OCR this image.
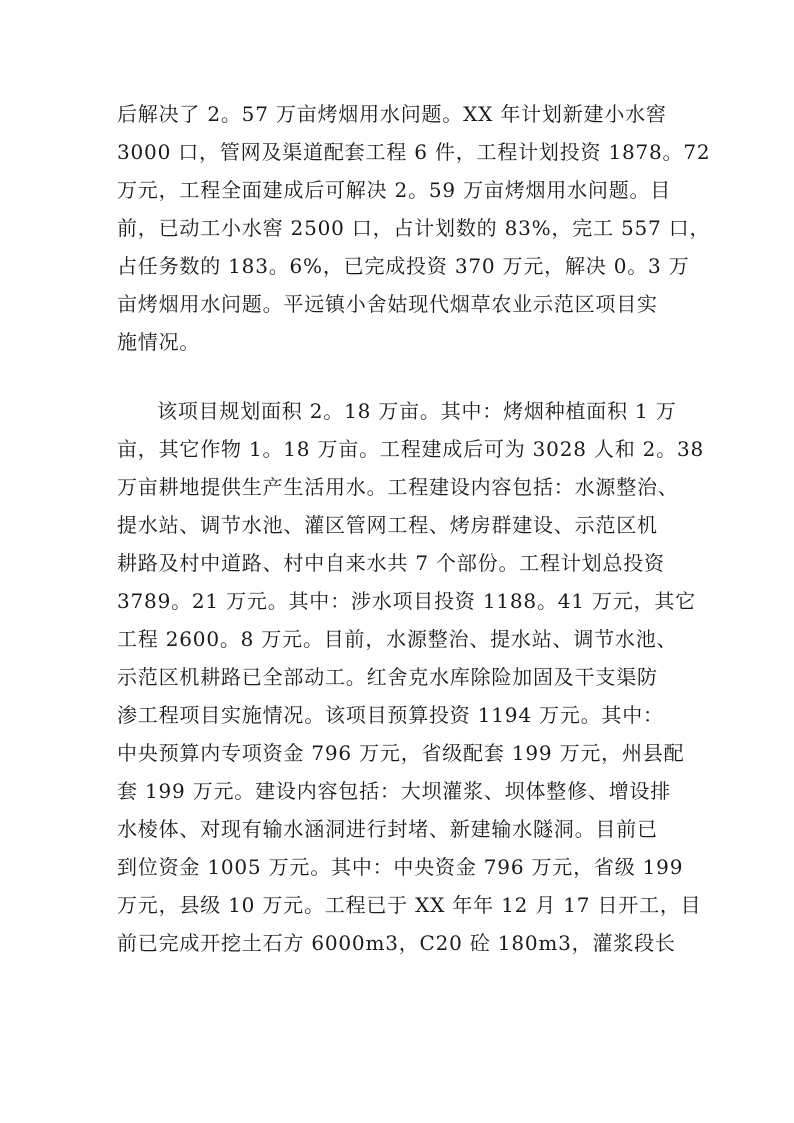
后解决了 2。57 万亩烤烟用水问题。XX 年计划新建小水窖
3000 口，管网及渠道配套工程 6 件，工程计划投资 1878。72
万元，工程全面建成后可解决 2。59 万亩烤烟用水问题。目
前，已动工小水窖 2500 口，占计划数的 83%，完工 557 口，
占任务数的 183。6%，已完成投资 370 万元，解决 0。3 万
亩烤烟用水问题。平远镇小舍姑现代烟草农业示范区项目实
施情况。
该项目规划面积 2。18 万亩。其中：烤烟种植面积 1 万
亩，其它作物 1。18 万亩。工程建成后可为 3028 人和 2。38
万亩耕地提供生产生活用水。工程建设内容包括：水源整治、
提水站、调节水池、灌区管网工程、烤房群建设、示范区机
耕路及村中道路、村中自来水共 7 个部份。工程计划总投资
3789。21 万元。其中：涉水项目投资 1188。41 万元，其它
工程 2600。8 万元。目前，水源整治、提水站、调节水池、
示范区机耕路已全部动工。红舍克水库除险加固及干支渠防
渗工程项目实施情况。该项目预算投资 1194 万元。其中：
中央预算内专项资金 796 万元，省级配套 199 万元，州县配
套 199 万元。建设内容包括：大坝灌浆、坝体整修、增设排
水棱体、对现有输水涵洞进行封堵、新建输水隧洞。目前已
到位资金 1005 万元。其中：中央资金 796 万元，省级 199
万元，县级 10 万元。工程已于 XX 年年 12 月 17 日开工，目
前已完成开挖土石方 6000m3，C20 砼 180m3，灌浆段长
